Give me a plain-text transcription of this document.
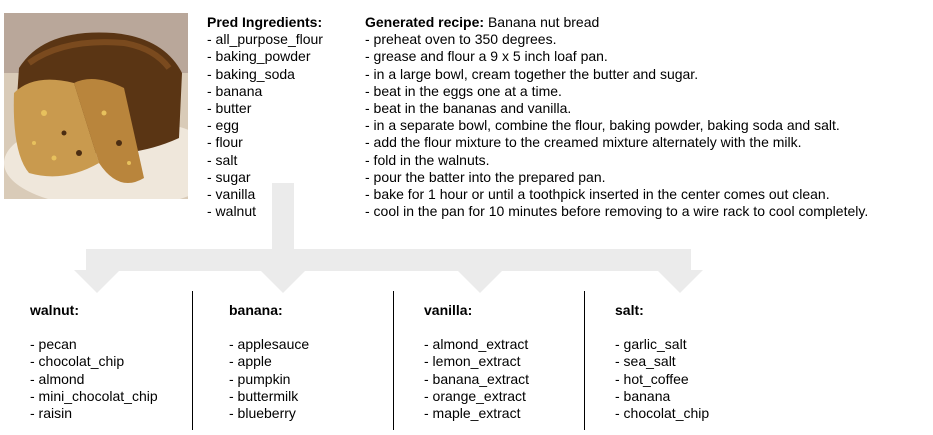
Pred Ingredients:
- all_purpose_flour
- baking_powder
- baking_soda
- banana
- butter
- egg
- flour
- salt
- sugar
- vanilla
- walnut
Generated recipe: Banana nut bread
- preheat oven to 350 degrees.
- grease and flour a 9 x 5 inch loaf pan.
- in a large bowl, cream together the butter and sugar.
- beat in the eggs one at a time.
- beat in the bananas and vanilla.
- in a separate bowl, combine the flour, baking powder, baking soda and salt.
- add the flour mixture to the creamed mixture alternately with the milk.
- fold in the walnuts.
- pour the batter into the prepared pan.
- bake for 1 hour or until a toothpick inserted in the center comes out clean.
- cool in the pan for 10 minutes before removing to a wire rack to cool completely.
walnut:
- pecan
- chocolat_chip
- almond
- mini_chocolat_chip
- raisin
banana:
- applesauce
- apple
- pumpkin
- buttermilk
- blueberry
vanilla:
- almond_extract
- lemon_extract
- banana_extract
- orange_extract
- maple_extract
salt:
- garlic_salt
- sea_salt
- hot_coffee
- banana
- chocolat_chip
